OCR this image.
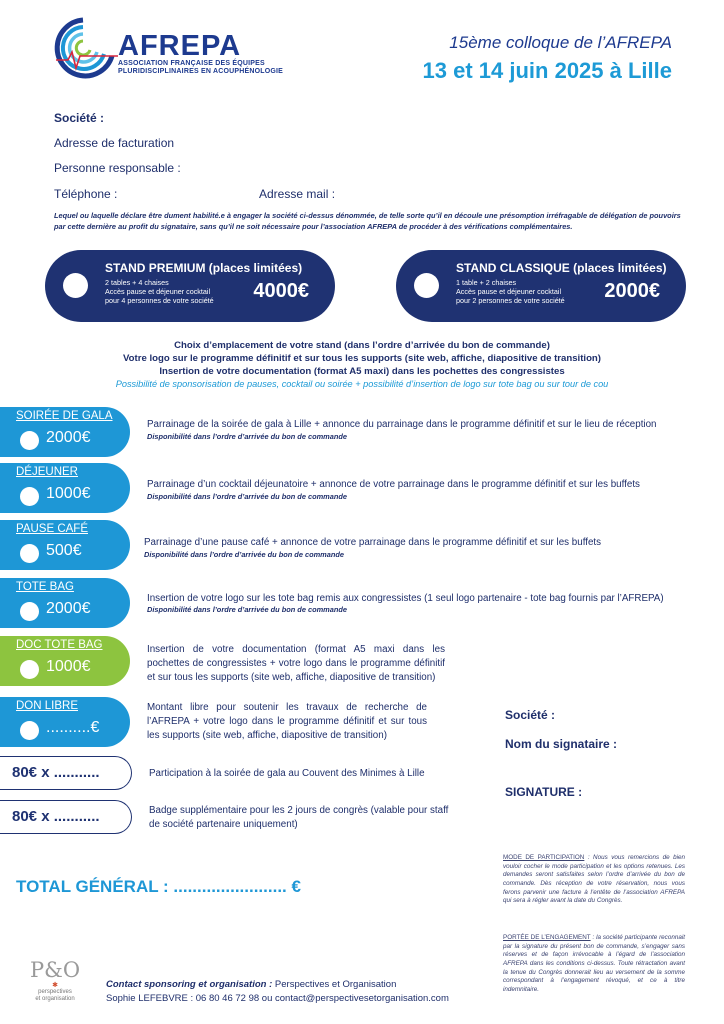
AFREPA
ASSOCIATION FRANÇAISE DES ÉQUIPES
PLURIDISCIPLINAIRES EN ACOUPHÉNOLOGIE
15ème colloque de l’AFREPA
13 et 14 juin 2025 à Lille
Société :
Adresse de facturation
Personne responsable :
Téléphone :	Adresse mail :
Lequel ou laquelle déclare être dument habilité.e à engager la société ci-dessus dénommée, de telle sorte qu’il en découle une présomption irréfragable de délégation de pouvoirs par cette dernière au profit du signataire, sans qu’il ne soit nécessaire pour l’association AFREPA de procéder à des vérifications complémentaires.
STAND PREMIUM (places limitées)
2 tables + 4 chaises
Accès pause et déjeuner cocktail
pour 4 personnes de votre société 4000€
STAND CLASSIQUE (places limitées)
1 table + 2 chaises
Accès pause et déjeuner cocktail
pour 2 personnes de votre société 2000€
Choix d’emplacement de votre stand (dans l’ordre d’arrivée du bon de commande)
Votre logo sur le programme définitif et sur tous les supports (site web, affiche, diapositive de transition)
Insertion de votre documentation (format A5 maxi) dans les pochettes des congressistes
Possibilité de sponsorisation de pauses, cocktail ou soirée + possibilité d’insertion de logo sur tote bag ou sur tour de cou
SOIRÉE DE GALA
2000€
Parrainage de la soirée de gala à Lille + annonce du parrainage dans le programme définitif et sur le lieu de réception
Disponibilité dans l’ordre d’arrivée du bon de commande
DÉJEUNER
1000€
Parrainage d’un cocktail déjeunatoire + annonce de votre parrainage dans le programme définitif et sur les buffets
Disponibilité dans l’ordre d’arrivée du bon de commande
PAUSE CAFÉ
500€	Parrainage d’une pause café + annonce de votre parrainage dans le programme définitif et sur les buffets
Disponibilité dans l’ordre d’arrivée du bon de commande
TOTE BAG
2000€
Insertion de votre logo sur les tote bag remis aux congressistes (1 seul logo partenaire - tote bag fournis par l’AFREPA)
Disponibilité dans l’ordre d’arrivée du bon de commande
DOC TOTE BAG
1000€
Insertion de votre documentation (format A5 maxi dans les pochettes de congressistes + votre logo dans le programme définitif et sur tous les supports (site web, affiche, diapositive de transition)
DON LIBRE
..........€
Montant libre pour soutenir les travaux de recherche de l’AFREPA + votre logo dans le programme définitif et sur tous les supports (site web, affiche, diapositive de transition)
80€ x ...........	Participation à la soirée de gala au Couvent des Minimes à Lille
80€ x ...........	Badge supplémentaire pour les 2 jours de congrès (valable pour staff de société partenaire uniquement)
Société :
Nom du signataire :
SIGNATURE :
TOTAL GÉNÉRAL : ........................ €
MODE DE PARTICIPATION : Nous vous remercions de bien vouloir cocher le mode participation et les options retenues. Les demandes seront satisfaites selon l’ordre d’arrivée du bon de commande. Dès réception de votre réservation, nous vous ferons parvenir une facture à l’entête de l’association AFREPA qui sera à régler avant la date du Congrès.
PORTÉE DE L’ENGAGEMENT : la société participante reconnait par la signature du présent bon de commande, s’engager sans réserves et de façon irrévocable à l’égard de l’association AFREPA dans les conditions ci-dessus. Toute rétractation avant la tenue du Congrès donnerait lieu au versement de la somme correspondant à l’engagement révoqué, et ce à titre indemnitaire.
P&O
✱
perspectives
et organisation
Contact sponsoring et organisation : Perspectives et Organisation
Sophie LEFEBVRE : 06 80 46 72 98 ou contact@perspectivesetorganisation.com
